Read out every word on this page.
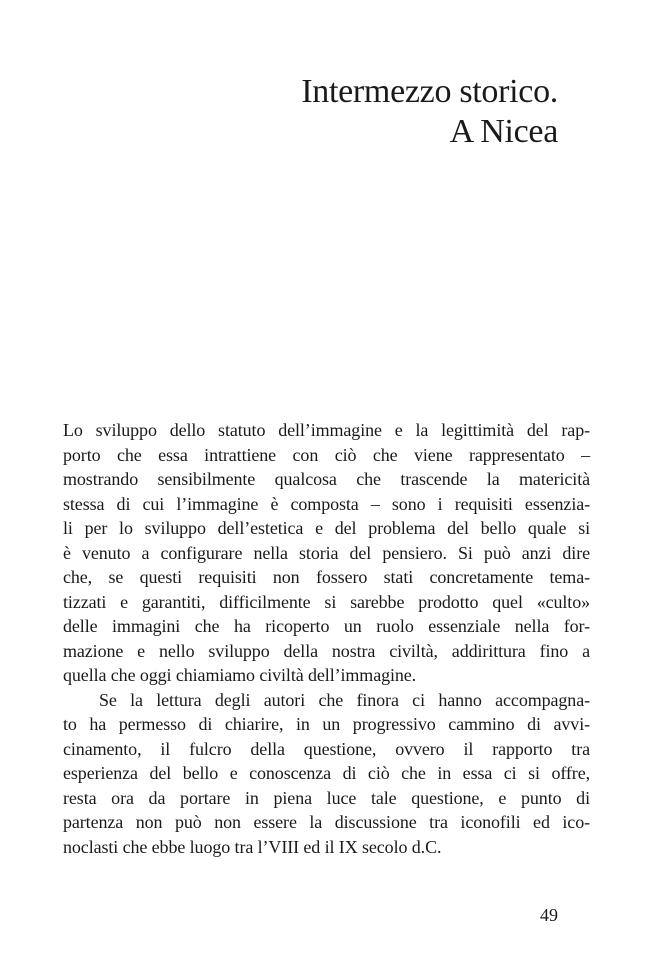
Intermezzo storico.
A Nicea
Lo sviluppo dello statuto dell’immagine e la legittimità del rap-
porto che essa intrattiene con ciò che viene rappresentato –
mostrando sensibilmente qualcosa che trascende la matericità
stessa di cui l’immagine è composta – sono i requisiti essenzia-
li per lo sviluppo dell’estetica e del problema del bello quale si
è venuto a configurare nella storia del pensiero. Si può anzi dire
che, se questi requisiti non fossero stati concretamente tema-
tizzati e garantiti, difficilmente si sarebbe prodotto quel «culto»
delle immagini che ha ricoperto un ruolo essenziale nella for-
mazione e nello sviluppo della nostra civiltà, addirittura fino a
quella che oggi chiamiamo civiltà dell’immagine.
Se la lettura degli autori che finora ci hanno accompagna-
to ha permesso di chiarire, in un progressivo cammino di avvi-
cinamento, il fulcro della questione, ovvero il rapporto tra
esperienza del bello e conoscenza di ciò che in essa ci si offre,
resta ora da portare in piena luce tale questione, e punto di
partenza non può non essere la discussione tra iconofili ed ico-
noclasti che ebbe luogo tra l’VIII ed il IX secolo d.C.
49
